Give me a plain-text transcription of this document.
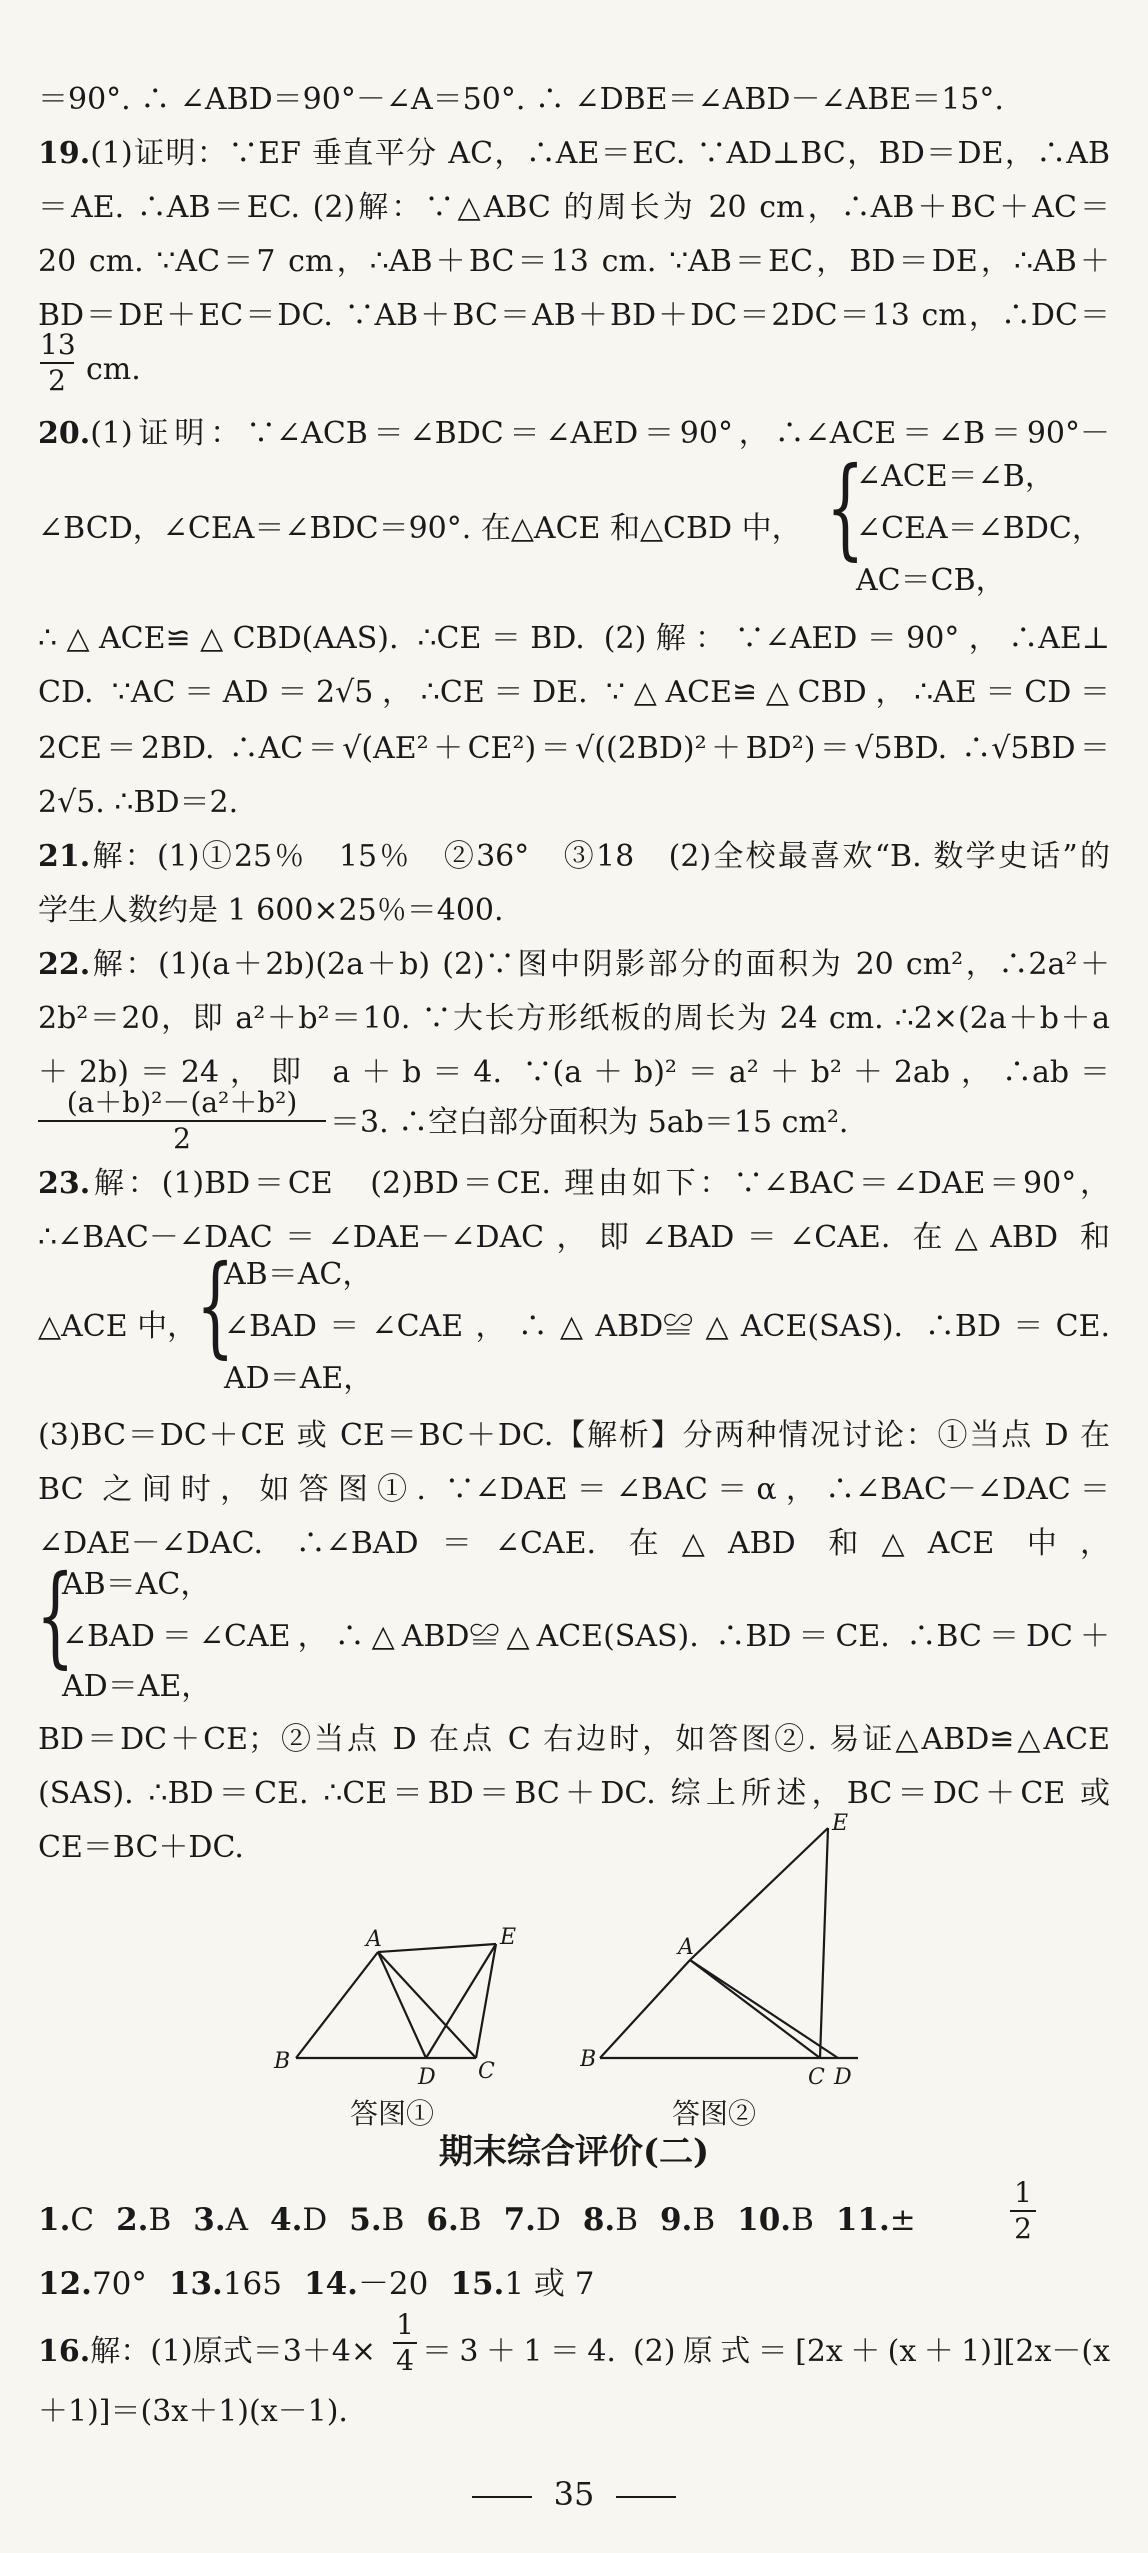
＝90°. ∴ ∠ABD＝90°－∠A＝50°. ∴ ∠DBE＝∠ABD－∠ABE＝15°.
19.(1)证明：∵EF 垂直平分 AC，∴AE＝EC. ∵AD⊥BC，BD＝DE，∴AB
＝AE. ∴AB＝EC. (2)解：∵△ABC 的周长为 20 cm，∴AB＋BC＋AC＝
20 cm. ∵AC＝7 cm，∴AB＋BC＝13 cm. ∵AB＝EC，BD＝DE，∴AB＋
BD＝DE＋EC＝DC. ∵AB＋BC＝AB＋BD＋DC＝2DC＝13 cm，∴DC＝
13
2 cm.
20.(1)证明：∵∠ACB＝∠BDC＝∠AED＝90°，∴∠ACE＝∠B＝90°－
∠BCD，∠CEA＝∠BDC＝90°. 在△ACE 和△CBD 中， {
∠ACE＝∠B，
∠CEA＝∠BDC，
AC＝CB，
∴△ACE≌△CBD(AAS). ∴CE＝BD. (2)解：∵∠AED＝90°，∴AE⊥
CD. ∵AC＝AD＝2√5，∴CE＝DE. ∵△ACE≌△CBD，∴AE＝CD＝
2CE＝2BD. ∴AC＝√(AE²＋CE²)＝√((2BD)²＋BD²)＝√5BD. ∴√5BD＝
2√5. ∴BD＝2.
21.解：(1)①25％　15％　②36°　③18　(2)全校最喜欢“B. 数学史话”的
学生人数约是 1 600×25％＝400.
22.解：(1)(a＋2b)(2a＋b) (2)∵图中阴影部分的面积为 20 cm²，∴2a²＋
2b²＝20，即 a²＋b²＝10. ∵大长方形纸板的周长为 24 cm. ∴2×(2a＋b＋a
＋2b)＝24，即 a＋b＝4. ∵(a＋b)²＝a²＋b²＋2ab，∴ab＝
(a＋b)²－(a²＋b²)
2	＝3. ∴空白部分面积为 5ab＝15 cm².
23.解：(1)BD＝CE　(2)BD＝CE. 理由如下：∵∠BAC＝∠DAE＝90°，
∴∠BAC－∠DAC＝∠DAE－∠DAC，即∠BAD＝∠CAE. 在△ABD 和
△ACE 中，
{
AB＝AC，
∠BAD＝∠CAE，∴△ABD≌△ACE(SAS). ∴BD＝CE.
AD＝AE，
(3)BC＝DC＋CE 或 CE＝BC＋DC.【解析】分两种情况讨论：①当点 D 在
BC 之间时，如答图①. ∵∠DAE＝∠BAC＝α，∴∠BAC－∠DAC＝
∠DAE－∠DAC. ∴∠BAD＝∠CAE. 在△ABD 和△ACE 中，
{
AB＝AC，
∠BAD＝∠CAE，∴△ABD≌△ACE(SAS). ∴BD＝CE. ∴BC＝DC＋
AD＝AE，
BD＝DC＋CE；②当点 D 在点 C 右边时，如答图②. 易证△ABD≌△ACE
(SAS). ∴BD＝CE. ∴CE＝BD＝BC＋DC. 综上所述，BC＝DC＋CE 或
CE＝BC＋DC.
A
B	C
D
E
答图①
A
B
C D
E
答图②
期末综合评价(二)
1.C 2.B 3.A 4.D 5.B 6.B 7.D 8.B 9.B 10.B 11.±
1
2
12.70° 13.165 14.－20 15.1 或 7
16.解：(1)原式＝3＋4×
1
4 ＝3＋1＝4. (2)原式＝[2x＋(x＋1)][2x－(x
＋1)]＝(3x＋1)(x－1).
35
